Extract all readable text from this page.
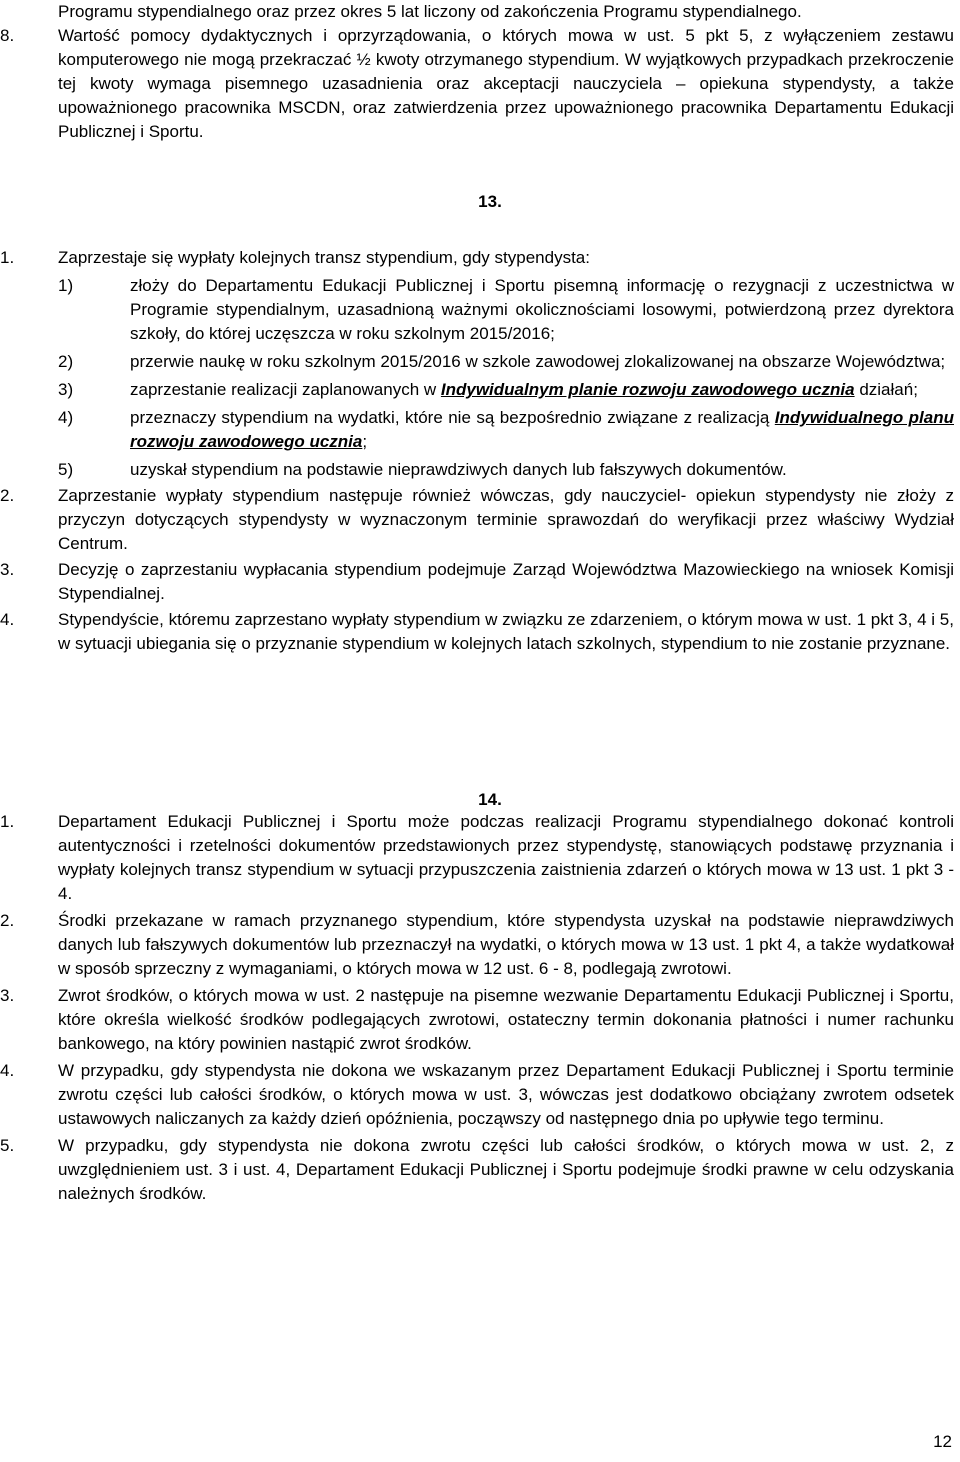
Programu stypendialnego oraz przez okres 5 lat liczony od zakończenia Programu stypendialnego.
8.	Wartość pomocy dydaktycznych i oprzyrządowania, o których mowa w ust. 5 pkt 5, z wyłączeniem zestawu komputerowego nie mogą przekraczać ½ kwoty otrzymanego stypendium. W wyjątkowych przypadkach przekroczenie tej kwoty wymaga pisemnego uzasadnienia oraz akceptacji nauczyciela – opiekuna stypendysty, a także upoważnionego pracownika MSCDN, oraz zatwierdzenia przez upoważnionego pracownika Departamentu Edukacji Publicznej i Sportu.
13.
1.	Zaprzestaje się wypłaty kolejnych transz stypendium, gdy stypendysta:
1)	złoży do Departamentu Edukacji Publicznej i Sportu pisemną informację o rezygnacji z uczestnictwa w Programie stypendialnym, uzasadnioną ważnymi okolicznościami losowymi, potwierdzoną przez dyrektora szkoły, do której uczęszcza w roku szkolnym 2015/2016;
2)	przerwie naukę w roku szkolnym 2015/2016 w szkole zawodowej zlokalizowanej na obszarze Województwa;
3)	zaprzestanie realizacji zaplanowanych w Indywidualnym planie rozwoju zawodowego ucznia działań;
4)	przeznaczy stypendium na wydatki, które nie są bezpośrednio związane z realizacją Indywidualnego planu rozwoju zawodowego ucznia;
5)	uzyskał stypendium na podstawie nieprawdziwych danych lub fałszywych dokumentów.
2.	Zaprzestanie wypłaty stypendium następuje również wówczas, gdy nauczyciel- opiekun stypendysty nie złoży z przyczyn dotyczących stypendysty w wyznaczonym terminie sprawozdań do weryfikacji przez właściwy Wydział Centrum.
3.	Decyzję o zaprzestaniu wypłacania stypendium podejmuje Zarząd Województwa Mazowieckiego na wniosek Komisji Stypendialnej.
4.	Stypendyście, któremu zaprzestano wypłaty stypendium w związku ze zdarzeniem, o którym mowa w ust. 1 pkt 3, 4 i 5, w sytuacji ubiegania się o przyznanie stypendium w kolejnych latach szkolnych, stypendium to nie zostanie przyznane.
14.
1.	Departament Edukacji Publicznej i Sportu może podczas realizacji Programu stypendialnego dokonać kontroli autentyczności i rzetelności dokumentów przedstawionych przez stypendystę, stanowiących podstawę przyznania i wypłaty kolejnych transz stypendium w sytuacji przypuszczenia zaistnienia zdarzeń o których mowa w 13 ust. 1 pkt 3 - 4.
2.	Środki przekazane w ramach przyznanego stypendium, które stypendysta uzyskał na podstawie nieprawdziwych danych lub fałszywych dokumentów lub przeznaczył na wydatki, o których mowa w 13 ust. 1 pkt 4, a także wydatkował w sposób sprzeczny z wymaganiami, o których mowa w 12 ust. 6 - 8, podlegają zwrotowi.
3.	Zwrot środków, o których mowa w ust. 2 następuje na pisemne wezwanie Departamentu Edukacji Publicznej i Sportu, które określa wielkość środków podlegających zwrotowi, ostateczny termin dokonania płatności i numer rachunku bankowego, na który powinien nastąpić zwrot środków.
4.	W przypadku, gdy stypendysta nie dokona we wskazanym przez Departament Edukacji Publicznej i Sportu terminie zwrotu części lub całości środków, o których mowa w ust. 3, wówczas jest dodatkowo obciążany zwrotem odsetek ustawowych naliczanych za każdy dzień opóźnienia, począwszy od następnego dnia po upływie tego terminu.
5.	W przypadku, gdy stypendysta nie dokona zwrotu części lub całości środków, o których mowa w ust. 2, z uwzględnieniem ust. 3 i ust. 4, Departament Edukacji Publicznej i Sportu podejmuje środki prawne w celu odzyskania należnych środków.
12
